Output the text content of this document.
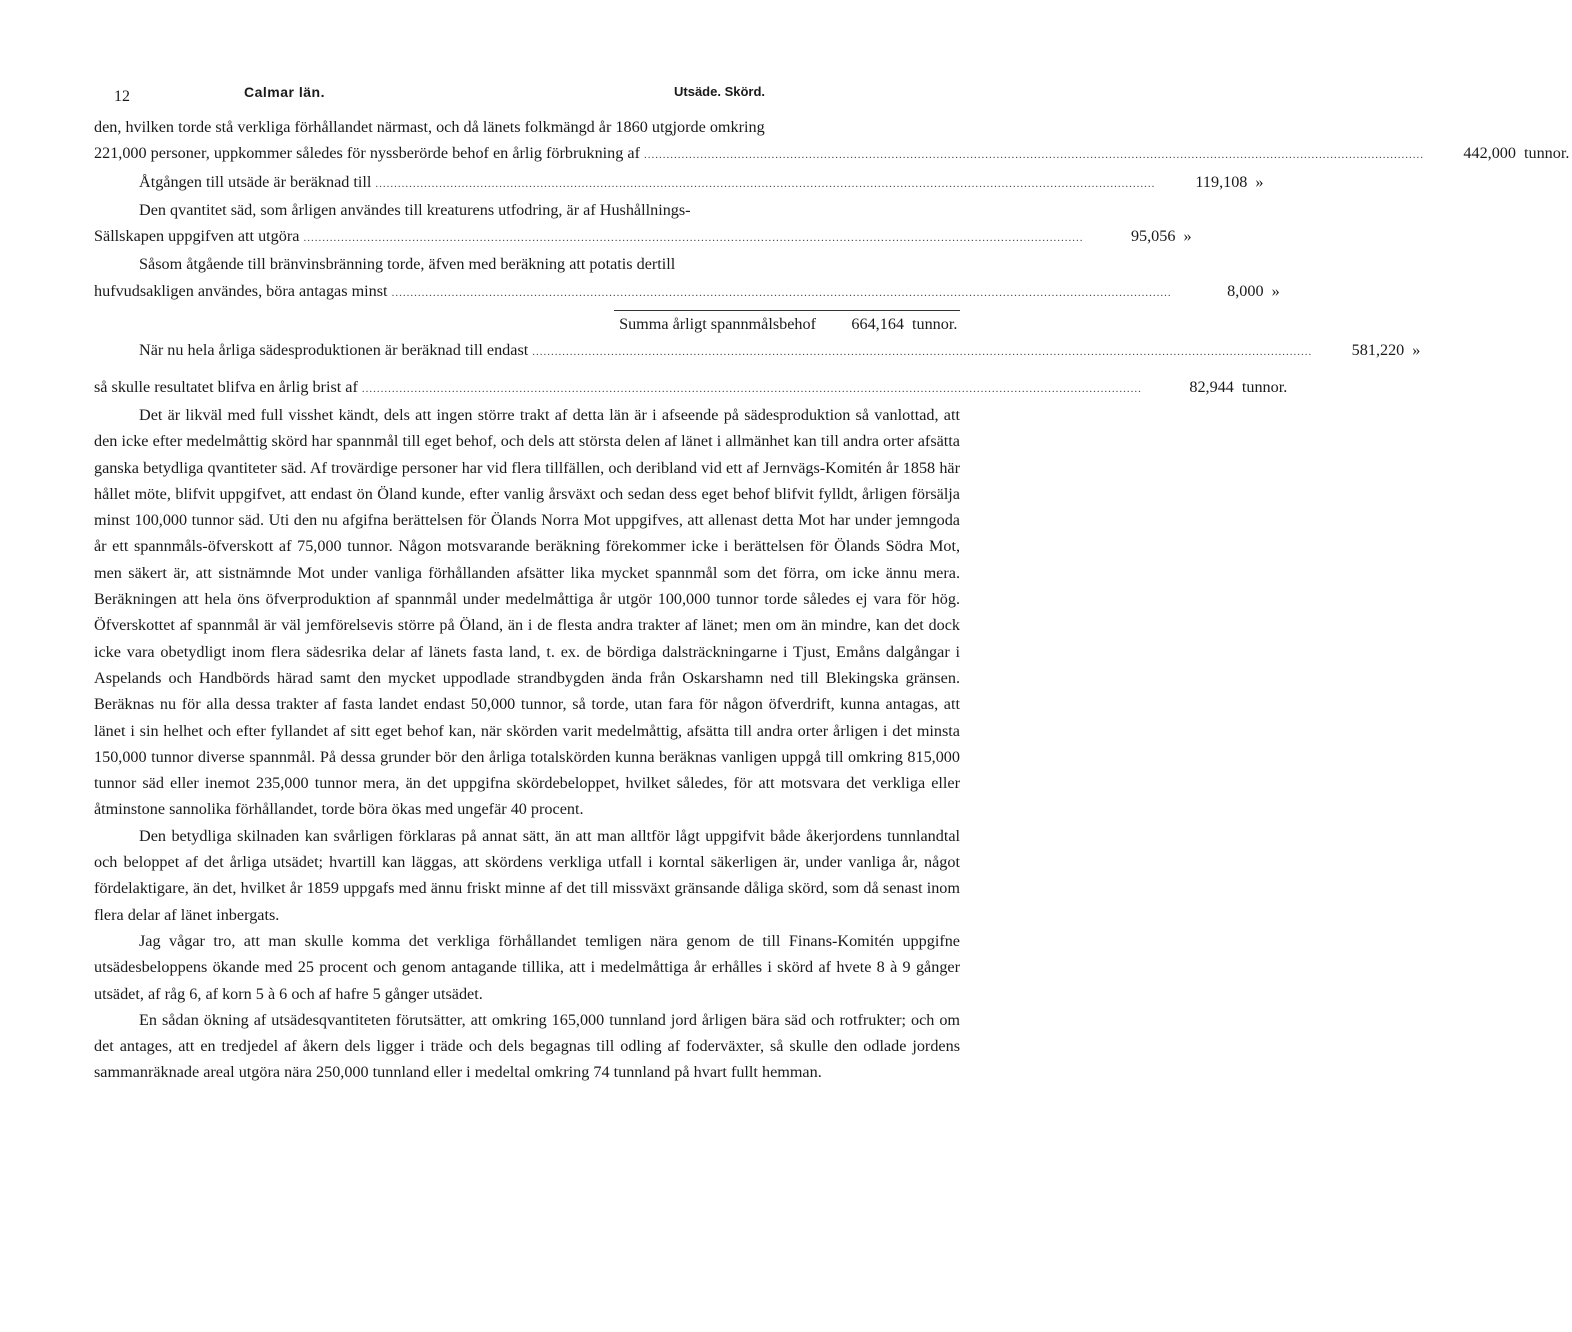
12	Calmar län.	Utsäde. Skörd.

den, hvilken torde stå verkliga förhållandet närmast, och då länets folkmängd år 1860 utgjorde omkring

221,000 personer, uppkommer således för nyssberörde behof en årlig förbrukning af .....	442,000 tunnor.
Åtgången till utsäde är beräknad till .....	119,108 »

Den qvantitet säd, som årligen användes till kreaturens utfodring, är af Hushållnings-

Sällskapen uppgifven att utgöra .....	95,056 »

Såsom åtgående till bränvinsbränning torde, äfven med beräkning att potatis dertill

hufvudsakligen användes, böra antagas minst .....	8,000 »
Summa årligt spannmålsbehof	664,164 tunnor.
När nu hela årliga sädesproduktionen är beräknad till endast .....	581,220 »
så skulle resultatet blifva en årlig brist af .....	82,944 tunnor.

Det är likväl med full visshet kändt, dels att ingen större trakt af detta län är i afseende på sädesproduktion så vanlottad, att den icke efter medelmåttig skörd har spannmål till eget behof, och dels att största delen af länet i allmänhet kan till andra orter afsätta ganska betydliga qvantiteter säd. Af trovärdige personer har vid flera tillfällen, och deribland vid ett af Jernvägs-Komitén år 1858 här hållet möte, blifvit uppgifvet, att endast ön Öland kunde, efter vanlig årsväxt och sedan dess eget behof blifvit fylldt, årligen försälja minst 100,000 tunnor säd. Uti den nu afgifna berättelsen för Ölands Norra Mot uppgifves, att allenast detta Mot har under jemngoda år ett spannmåls-öfverskott af 75,000 tunnor. Någon motsvarande beräkning förekommer icke i berättelsen för Ölands Södra Mot, men säkert är, att sistnämnde Mot under vanliga förhållanden afsätter lika mycket spannmål som det förra, om icke ännu mera. Beräkningen att hela öns öfverproduktion af spannmål under medelmåttiga år utgör 100,000 tunnor torde således ej vara för hög. Öfverskottet af spannmål är väl jemförelsevis större på Öland, än i de flesta andra trakter af länet; men om än mindre, kan det dock icke vara obetydligt inom flera sädesrika delar af länets fasta land, t. ex. de bördiga dalsträckningarne i Tjust, Emåns dalgångar i Aspelands och Handbörds härad samt den mycket uppodlade strandbygden ända från Oskarshamn ned till Blekingska gränsen. Beräknas nu för alla dessa trakter af fasta landet endast 50,000 tunnor, så torde, utan fara för någon öfverdrift, kunna antagas, att länet i sin helhet och efter fyllandet af sitt eget behof kan, när skörden varit medelmåttig, afsätta till andra orter årligen i det minsta 150,000 tunnor diverse spannmål. På dessa grunder bör den årliga totalskörden kunna beräknas vanligen uppgå till omkring 815,000 tunnor säd eller inemot 235,000 tunnor mera, än det uppgifna skördebeloppet, hvilket således, för att motsvara det verkliga eller åtminstone sannolika förhållandet, torde böra ökas med ungefär 40 procent.

Den betydliga skilnaden kan svårligen förklaras på annat sätt, än att man alltför lågt uppgifvit både åkerjordens tunnlandtal och beloppet af det årliga utsädet; hvartill kan läggas, att skördens verkliga utfall i korntal säkerligen är, under vanliga år, något fördelaktigare, än det, hvilket år 1859 uppgafs med ännu friskt minne af det till missväxt gränsande dåliga skörd, som då senast inom flera delar af länet inbergats.

Jag vågar tro, att man skulle komma det verkliga förhållandet temligen nära genom de till Finans-Komitén uppgifne utsädesbeloppens ökande med 25 procent och genom antagande tillika, att i medelmåttiga år erhålles i skörd af hvete 8 à 9 gånger utsädet, af råg 6, af korn 5 à 6 och af hafre 5 gånger utsädet.

En sådan ökning af utsädesqvantiteten förutsätter, att omkring 165,000 tunnland jord årligen bära säd och rotfrukter; och om det antages, att en tredjedel af åkern dels ligger i träde och dels begagnas till odling af foderväxter, så skulle den odlade jordens sammanräknade areal utgöra nära 250,000 tunnland eller i medeltal omkring 74 tunnland på hvart fullt hemman.
